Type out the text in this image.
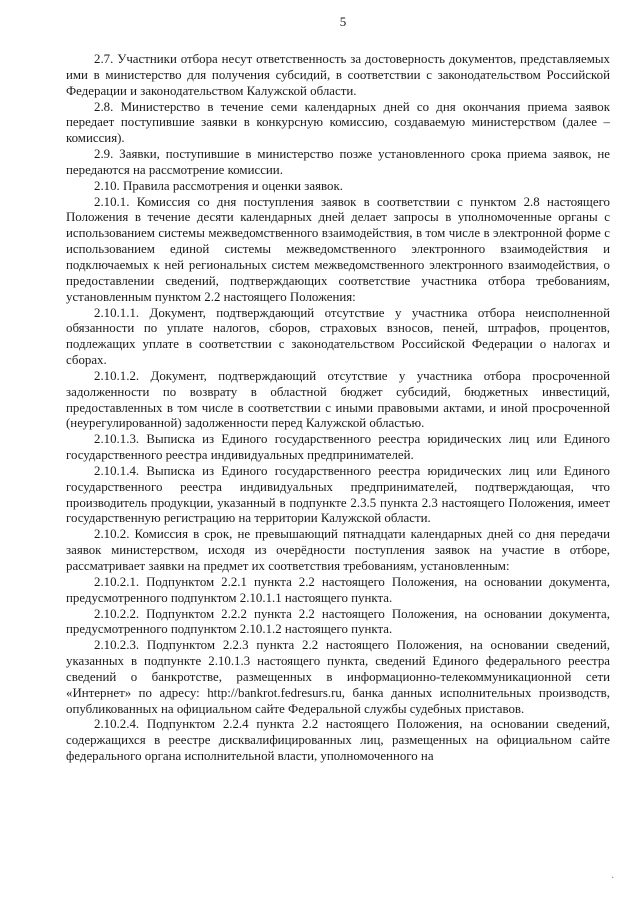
5

2.7. Участники отбора несут ответственность за достоверность документов, представляемых ими в министерство для получения субсидий, в соответствии с законодательством Российской Федерации и законодательством Калужской области.

2.8. Министерство в течение семи календарных дней со дня окончания приема заявок передает поступившие заявки в конкурсную комиссию, создаваемую министерством (далее – комиссия).

2.9. Заявки, поступившие в министерство позже установленного срока приема заявок, не передаются на рассмотрение комиссии.

2.10. Правила рассмотрения и оценки заявок.

2.10.1. Комиссия со дня поступления заявок в соответствии с пунктом 2.8 настоящего Положения в течение десяти календарных дней делает запросы в уполномоченные органы с использованием системы межведомственного взаимодействия, в том числе в электронной форме с использованием единой системы межведомственного электронного взаимодействия и подключаемых к ней региональных систем межведомственного электронного взаимодействия, о предоставлении сведений, подтверждающих соответствие участника отбора требованиям, установленным пунктом 2.2 настоящего Положения:

2.10.1.1. Документ, подтверждающий отсутствие у участника отбора неисполненной обязанности по уплате налогов, сборов, страховых взносов, пеней, штрафов, процентов, подлежащих уплате в соответствии с законодательством Российской Федерации о налогах и сборах.

2.10.1.2. Документ, подтверждающий отсутствие у участника отбора просроченной задолженности по возврату в областной бюджет субсидий, бюджетных инвестиций, предоставленных в том числе в соответствии с иными правовыми актами, и иной просроченной (неурегулированной) задолженности перед Калужской областью.

2.10.1.3. Выписка из Единого государственного реестра юридических лиц или Единого государственного реестра индивидуальных предпринимателей.

2.10.1.4. Выписка из Единого государственного реестра юридических лиц или Единого государственного реестра индивидуальных предпринимателей, подтверждающая, что производитель продукции, указанный в подпункте 2.3.5 пункта 2.3 настоящего Положения, имеет государственную регистрацию на территории Калужской области.

2.10.2. Комиссия в срок, не превышающий пятнадцати календарных дней со дня передачи заявок министерством, исходя из очерёдности поступления заявок на участие в отборе, рассматривает заявки на предмет их соответствия требованиям, установленным:

2.10.2.1. Подпунктом 2.2.1 пункта 2.2 настоящего Положения, на основании документа, предусмотренного подпунктом 2.10.1.1 настоящего пункта.

2.10.2.2. Подпунктом 2.2.2 пункта 2.2 настоящего Положения, на основании документа, предусмотренного подпунктом 2.10.1.2 настоящего пункта.

2.10.2.3. Подпунктом 2.2.3 пункта 2.2 настоящего Положения, на основании сведений, указанных в подпункте 2.10.1.3 настоящего пункта, сведений Единого федерального реестра сведений о банкротстве, размещенных в информационно-телекоммуникационной сети «Интернет» по адресу: http://bankrot.fedresurs.ru, банка данных исполнительных производств, опубликованных на официальном сайте Федеральной службы судебных приставов.

2.10.2.4. Подпунктом 2.2.4 пункта 2.2 настоящего Положения, на основании сведений, содержащихся в реестре дисквалифицированных лиц, размещенных на официальном сайте федерального органа исполнительной власти, уполномоченного на

.
